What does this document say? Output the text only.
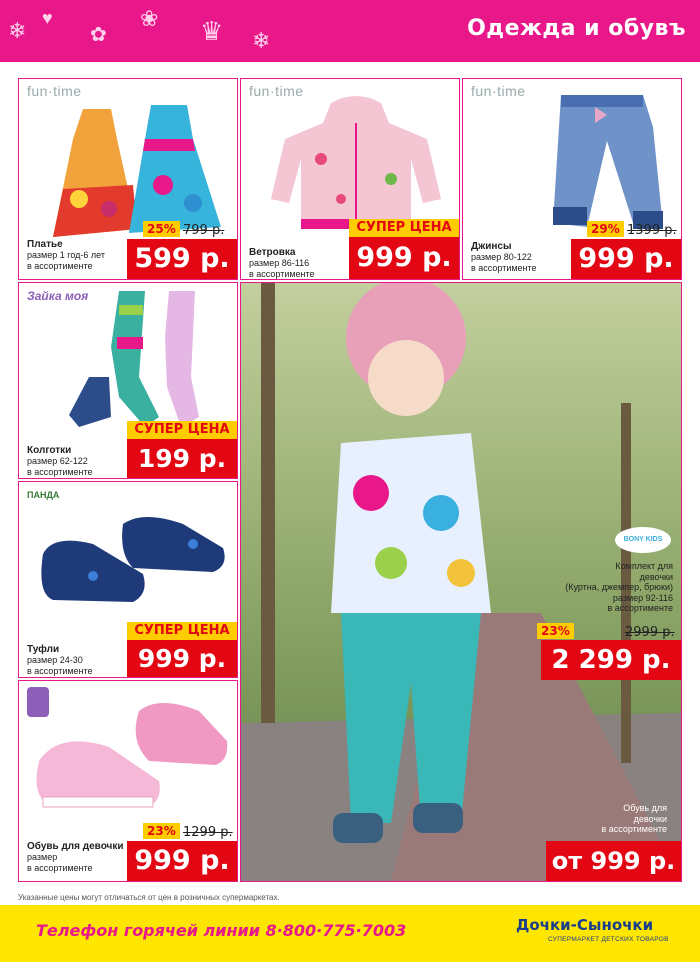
❄ ♥
✿
❀ ♛ ❄	Одежда и обувъ
fun·time
Платье
размер 1 год-6 лет
в ассортименте
25% 799 р.
599 р.
fun·time
Ветровка
размер 86-116
в ассортименте
СУПЕР ЦЕНА
999 р.
fun·time
Джинсы
размер 80-122
в ассортименте
29% 1399 р.
999 р.
Зайка моя
Колготки
размер 62-122
в ассортименте
СУПЕР ЦЕНА
199 р.
ПАНДА
Туфли
размер 24-30
в ассортименте
СУПЕР ЦЕНА
999 р.
Обувь для девочки
размер
в ассортименте
23% 1299 р.
999 р.
BONY KIDS
Комплект для девочки
(Куртна, джемпер, брюки)
размер 92-116
в ассортименте
23%	2999 р.
2 299 р.
Обувь для девочки
в ассортименте
от 999 р.
Указанные цены могут отличаться от цен в розничных супермаркетах.
Телефон горячей линии 8·800·775·7003	Дочки-Сыночки
СУПЕРМАРКЕТ ДЕТСКИХ ТОВАРОВ
